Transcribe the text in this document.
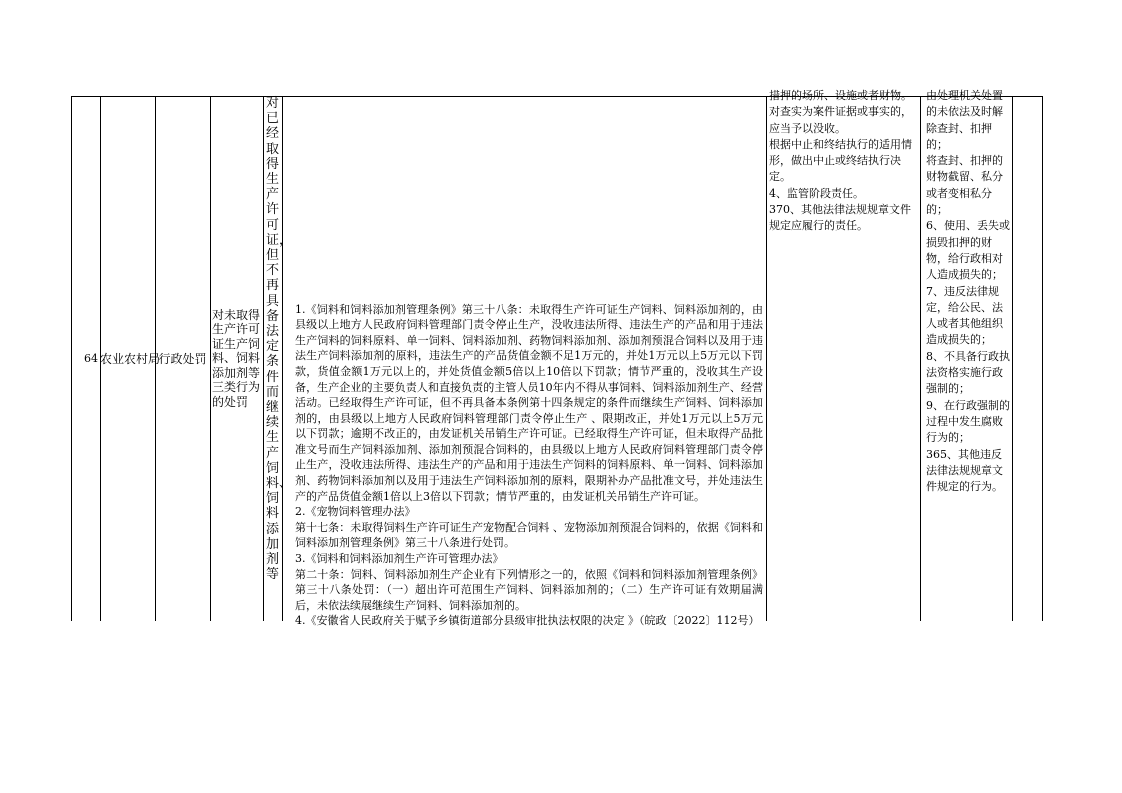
64 农业农村局
行政处罚
对未取得生产许可证生产饲料、饲料添加剂等三类行为的处罚
对已经取得生产许可证，但不再具备法定条件而继续生产饲料、饲料添加剂等

1.《饲料和饲料添加剂管理条例》第三十八条：未取得生产许可证生产饲料、饲料添加剂的，由县级以上地方人民政府饲料管理部门责令停止生产，没收违法所得、违法生产的产品和用于违法生产饲料的饲料原料、单一饲料、饲料添加剂、药物饲料添加剂、添加剂预混合饲料以及用于违法生产饲料添加剂的原料，违法生产的产品货值金额不足1万元的，并处1万元以上5万元以下罚款，货值金额1万元以上的，并处货值金额5倍以上10倍以下罚款；情节严重的，没收其生产设备，生产企业的主要负责人和直接负责的主管人员10年内不得从事饲料、饲料添加剂生产、经营活动。已经取得生产许可证，但不再具备本条例第十四条规定的条件而继续生产饲料、饲料添加剂的，由县级以上地方人民政府饲料管理部门责令停止生产 、限期改正，并处1万元以上5万元以下罚款；逾期不改正的，由发证机关吊销生产许可证。已经取得生产许可证，但未取得产品批准文号而生产饲料添加剂、添加剂预混合饲料的，由县级以上地方人民政府饲料管理部门责令停止生产，没收违法所得、违法生产的产品和用于违法生产饲料的饲料原料、单一饲料、饲料添加剂、药物饲料添加剂以及用于违法生产饲料添加剂的原料，限期补办产品批准文号，并处违法生产的产品货值金额1倍以上3倍以下罚款；情节严重的，由发证机关吊销生产许可证。

2.《宠物饲料管理办法》

第十七条：未取得饲料生产许可证生产宠物配合饲料 、宠物添加剂预混合饲料的，依据《饲料和饲料添加剂管理条例》第三十八条进行处罚。

3.《饲料和饲料添加剂生产许可管理办法》

第二十条：饲料、饲料添加剂生产企业有下列情形之一的，依照《饲料和饲料添加剂管理条例》第三十八条处罚：（一）超出许可范围生产饲料、饲料添加剂的；（二）生产许可证有效期届满后，未依法续展继续生产饲料、饲料添加剂的。

4.《安徽省人民政府关于赋予乡镇街道部分县级审批执法权限的决定 》（皖政〔2022〕112号）

措押的场所、设施或者财物。对查实为案件证据或事实的，应当予以没收。

根据中止和终结执行的适用情形，做出中止或终结执行决定。

4、监管阶段责任。

370、其他法律法规规章文件规定应履行的责任。

由处理机关处置的未依法及时解除查封、扣押的；

将查封、扣押的财物截留、私分或者变相私分的；

6、使用、丢失或损毁扣押的财物，给行政相对人造成损失的；

7、违反法律规定，给公民、法人或者其他组织造成损失的；

8、不具备行政执法资格实施行政强制的；

9、在行政强制的过程中发生腐败行为的；

365、其他违反法律法规规章文件规定的行为。
